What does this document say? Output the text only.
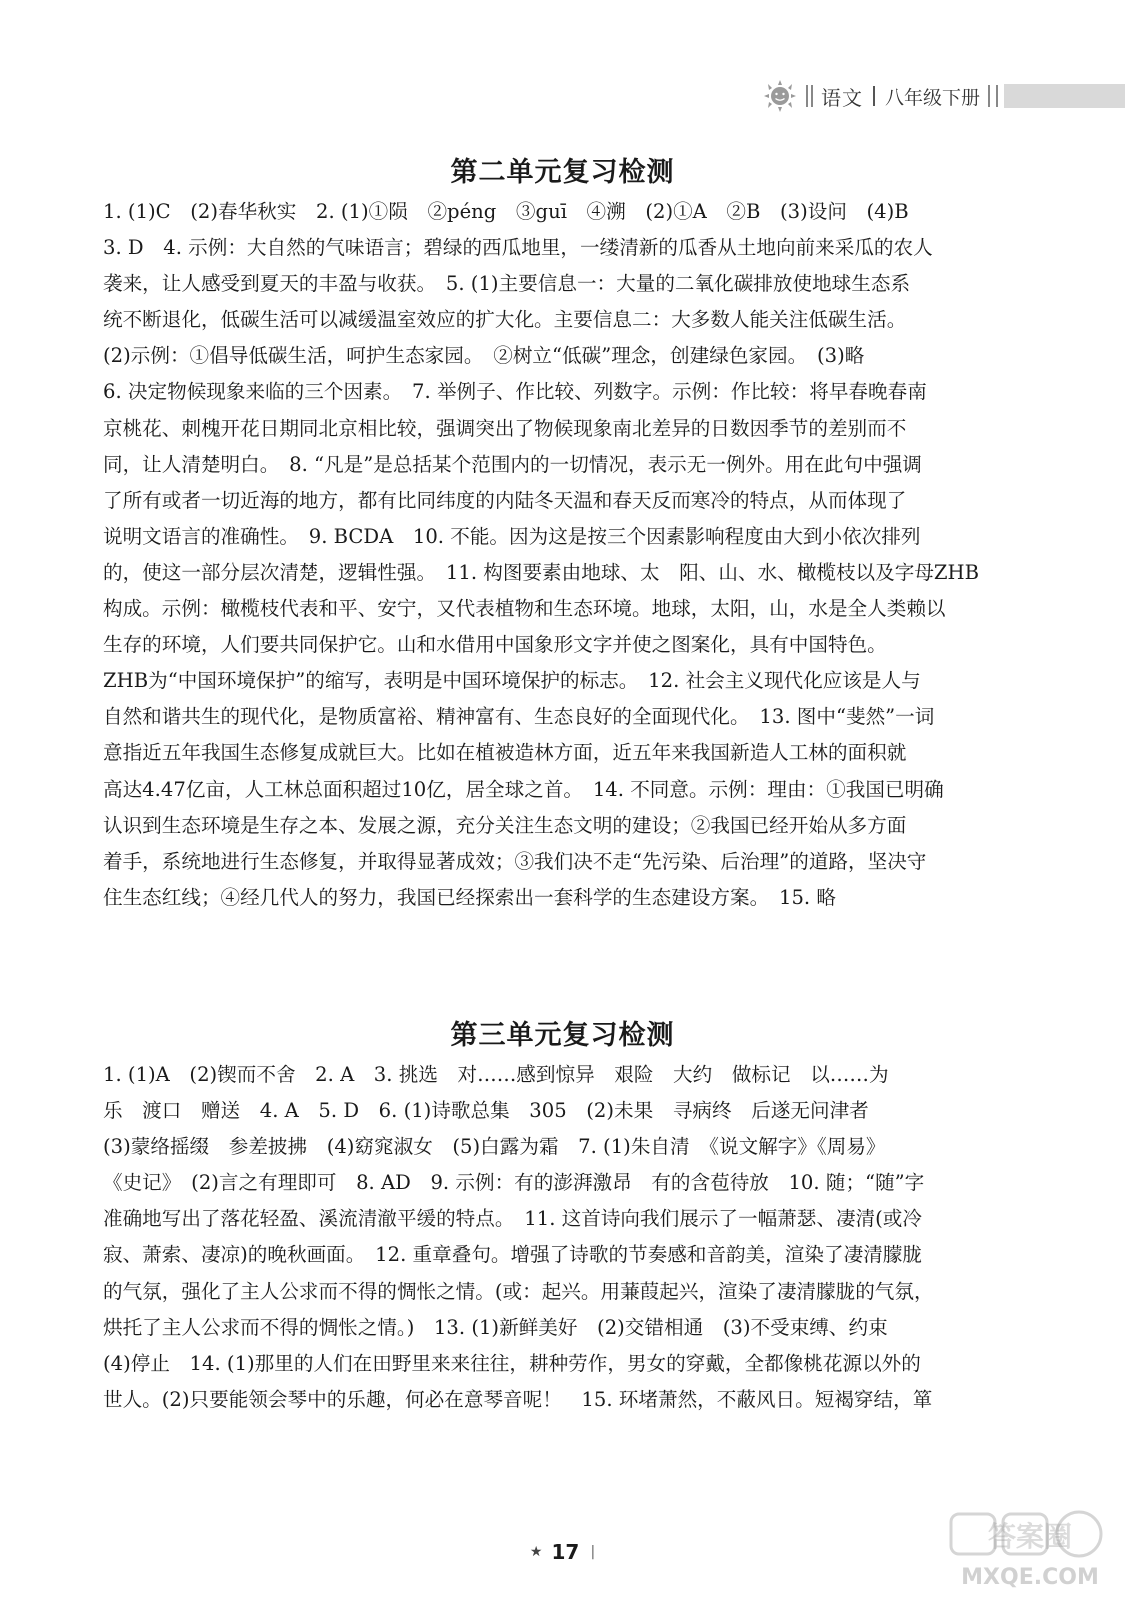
语文 八年级下册
第二单元复习检测
1. (1)C　(2)春华秋实　2. (1)①陨　②péng　③guī　④溯　(2)①A　②B　(3)设问　(4)B
3. D　4. 示例：大自然的气味语言；碧绿的西瓜地里，一缕清新的瓜香从土地向前来采瓜的农人
袭来，让人感受到夏天的丰盈与收获。　5. (1)主要信息一：大量的二氧化碳排放使地球生态系
统不断退化，低碳生活可以减缓温室效应的扩大化。主要信息二：大多数人能关注低碳生活。
(2)示例：①倡导低碳生活，呵护生态家园。　②树立“低碳”理念，创建绿色家园。　(3)略
6. 决定物候现象来临的三个因素。　7. 举例子、作比较、列数字。示例：作比较：将早春晚春南
京桃花、刺槐开花日期同北京相比较，强调突出了物候现象南北差异的日数因季节的差别而不
同，让人清楚明白。　8. “凡是”是总括某个范围内的一切情况，表示无一例外。用在此句中强调
了所有或者一切近海的地方，都有比同纬度的内陆冬天温和春天反而寒冷的特点，从而体现了
说明文语言的准确性。　9. BCDA　10. 不能。因为这是按三个因素影响程度由大到小依次排列
的，使这一部分层次清楚，逻辑性强。　11. 构图要素由地球、太　阳、山、水、橄榄枝以及字母ZHB
构成。示例：橄榄枝代表和平、安宁，又代表植物和生态环境。地球，太阳，山，水是全人类赖以
生存的环境，人们要共同保护它。山和水借用中国象形文字并使之图案化，具有中国特色。
ZHB为“中国环境保护”的缩写，表明是中国环境保护的标志。　12. 社会主义现代化应该是人与
自然和谐共生的现代化，是物质富裕、精神富有、生态良好的全面现代化。　13. 图中“斐然”一词
意指近五年我国生态修复成就巨大。比如在植被造林方面，近五年来我国新造人工林的面积就
高达4.47亿亩，人工林总面积超过10亿，居全球之首。　14. 不同意。示例：理由：①我国已明确
认识到生态环境是生存之本、发展之源，充分关注生态文明的建设；②我国已经开始从多方面
着手，系统地进行生态修复，并取得显著成效；③我们决不走“先污染、后治理”的道路，坚决守
住生态红线；④经几代人的努力，我国已经探索出一套科学的生态建设方案。　15. 略
第三单元复习检测
1. (1)A　(2)锲而不舍　2. A　3. 挑选　对……感到惊异　艰险　大约　做标记　以……为
乐　渡口　赠送　4. A　5. D　6. (1)诗歌总集　305　(2)未果　寻病终　后遂无问津者
(3)蒙络摇缀　参差披拂　(4)窈窕淑女　(5)白露为霜　7. (1)朱自清　《说文解字》《周易》
《史记》　(2)言之有理即可　8. AD　9. 示例：有的澎湃激昂　有的含苞待放　10. 随；“随”字
准确地写出了落花轻盈、溪流清澈平缓的特点。　11. 这首诗向我们展示了一幅萧瑟、凄清(或冷
寂、萧索、凄凉)的晚秋画面。　12. 重章叠句。增强了诗歌的节奏感和音韵美，渲染了凄清朦胧
的气氛，强化了主人公求而不得的惆怅之情。(或：起兴。用蒹葭起兴，渲染了凄清朦胧的气氛，
烘托了主人公求而不得的惆怅之情。)　13. (1)新鲜美好　(2)交错相通　(3)不受束缚、约束
(4)停止　14. (1)那里的人们在田野里来来往往，耕种劳作，男女的穿戴，全都像桃花源以外的
世人。(2)只要能领会琴中的乐趣，何必在意琴音呢！　15. 环堵萧然，不蔽风日。短褐穿结，箪
★ 17 |	答案圈
MXQE.COM
